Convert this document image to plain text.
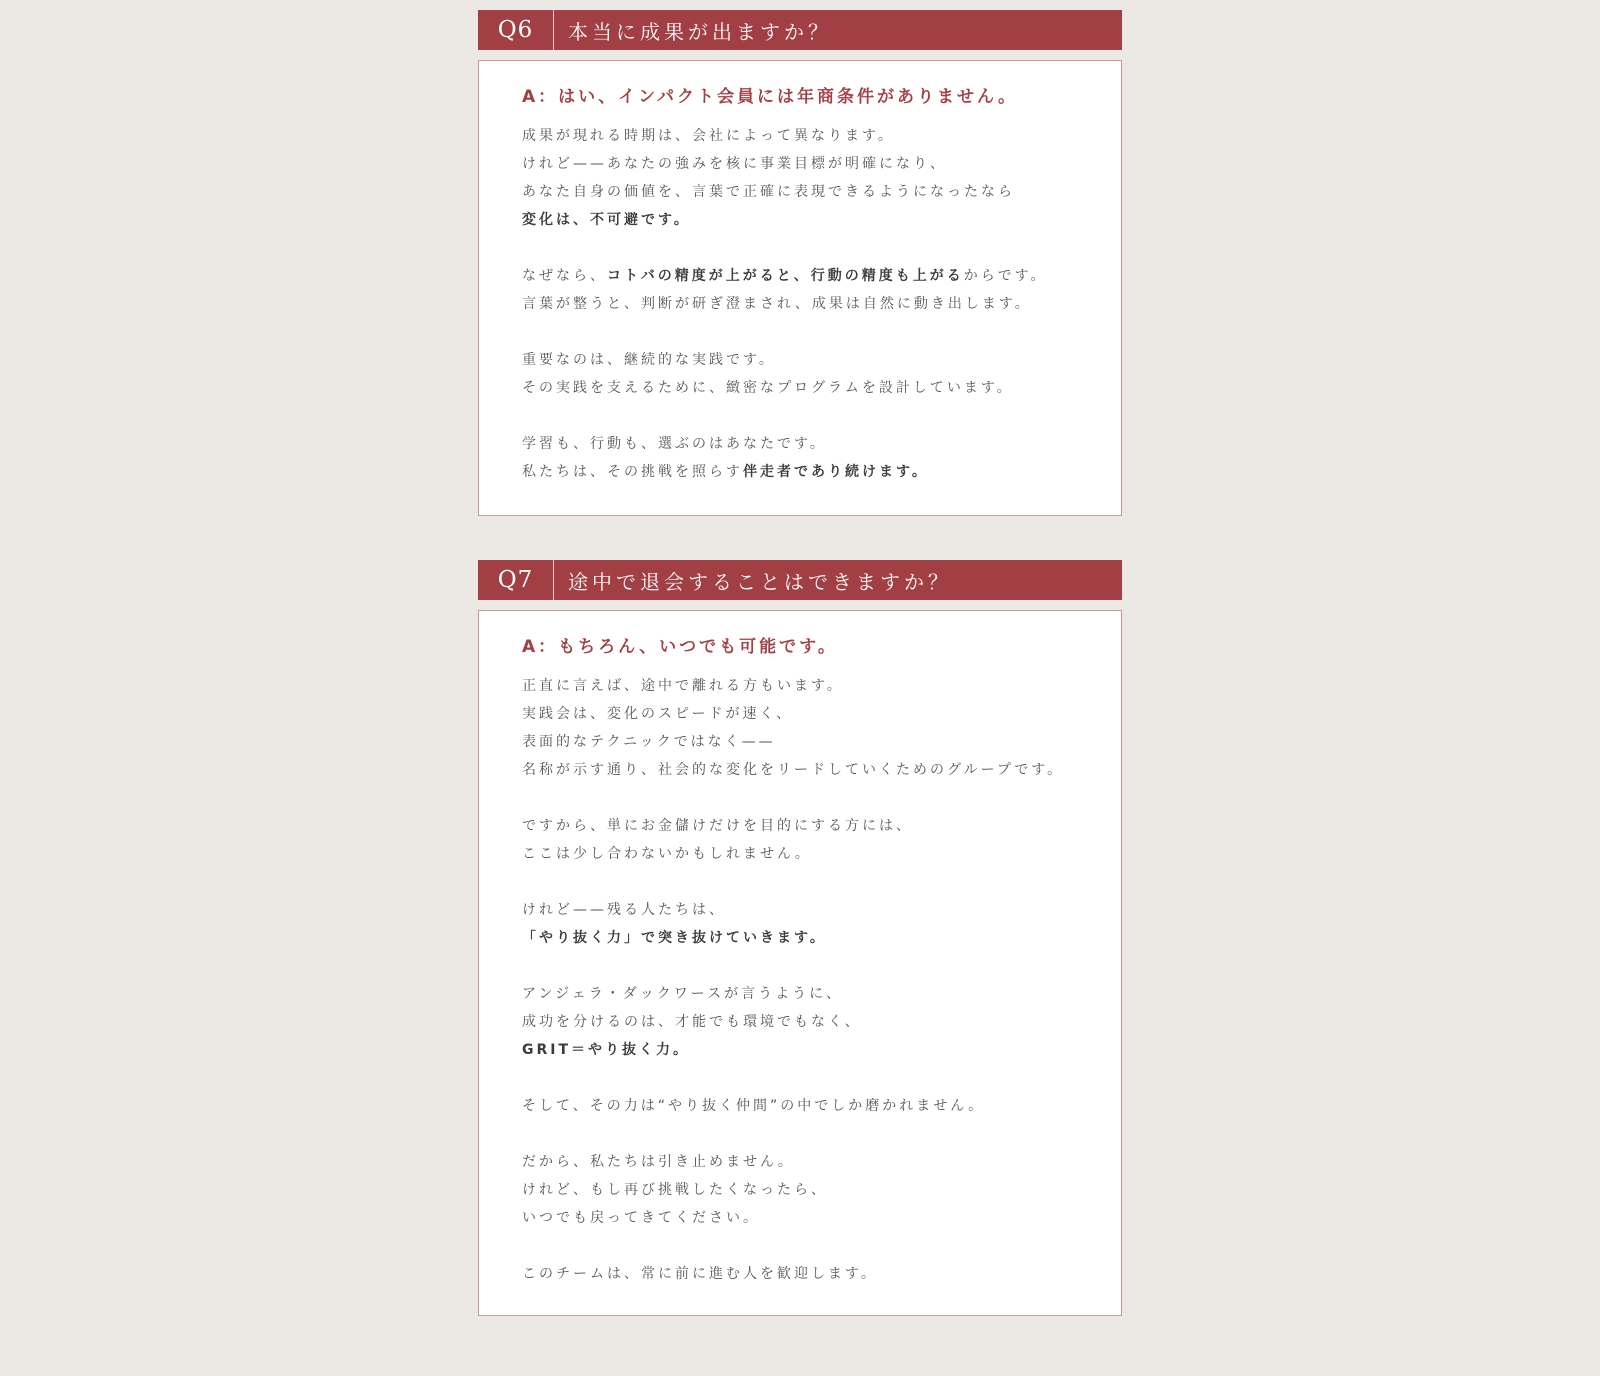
Q6	本当に成果が出ますか？
A：はい、インパクト会員には年商条件がありません。
成果が現れる時期は、会社によって異なります。
けれど——あなたの強みを核に事業目標が明確になり、
あなた自身の価値を、言葉で正確に表現できるようになったなら
変化は、不可避です。
なぜなら、コトバの精度が上がると、行動の精度も上がるからです。
言葉が整うと、判断が研ぎ澄まされ、成果は自然に動き出します。
重要なのは、継続的な実践です。
その実践を支えるために、緻密なプログラムを設計しています。
学習も、行動も、選ぶのはあなたです。
私たちは、その挑戦を照らす伴走者であり続けます。
Q7	途中で退会することはできますか？
A：もちろん、いつでも可能です。
正直に言えば、途中で離れる方もいます。
実践会は、変化のスピードが速く、
表面的なテクニックではなく——
名称が示す通り、社会的な変化をリードしていくためのグループです。
ですから、単にお金儲けだけを目的にする方には、
ここは少し合わないかもしれません。
けれど——残る人たちは、
「やり抜く力」で突き抜けていきます。
アンジェラ・ダックワースが言うように、
成功を分けるのは、才能でも環境でもなく、
GRIT＝やり抜く力。
そして、その力は“やり抜く仲間”の中でしか磨かれません。
だから、私たちは引き止めません。
けれど、もし再び挑戦したくなったら、
いつでも戻ってきてください。
このチームは、常に前に進む人を歓迎します。
